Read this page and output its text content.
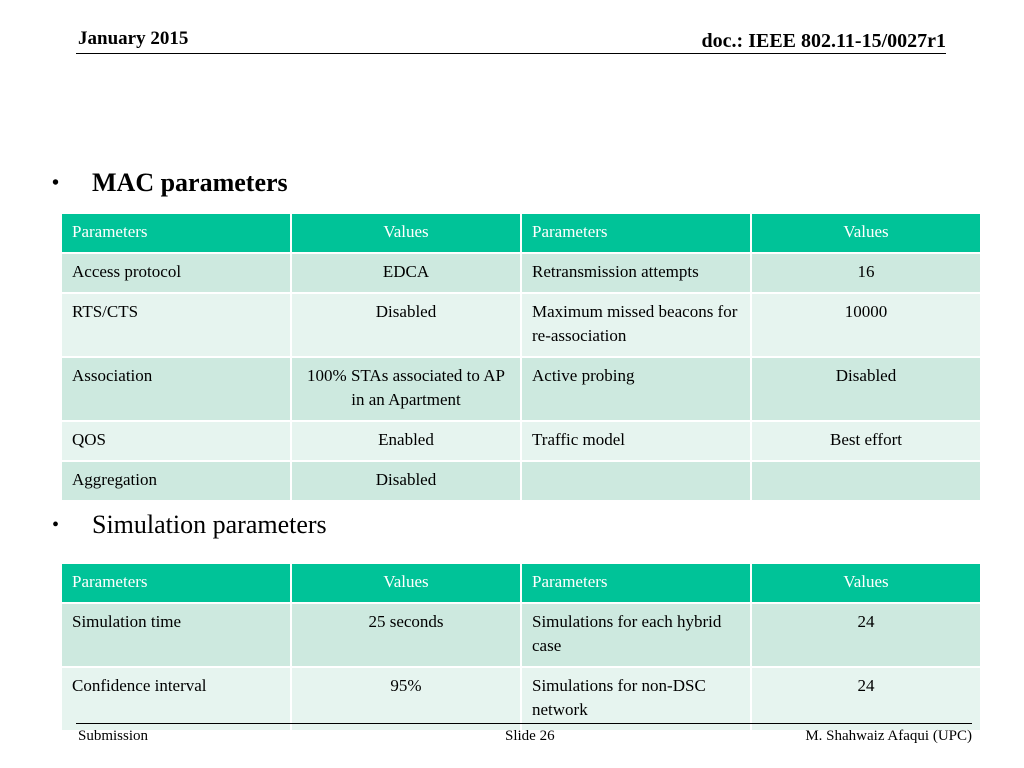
January 2015	doc.: IEEE 802.11-15/0027r1
•	MAC parameters
Parameters	Values	Parameters	Values
Access protocol	EDCA	Retransmission attempts	16
RTS/CTS	Disabled	Maximum missed beacons for re-association	10000
Association	100% STAs associated to AP in an Apartment	Active probing	Disabled
QOS	Enabled	Traffic model	Best effort
Aggregation	Disabled		
•	Simulation parameters
Parameters	Values	Parameters	Values
Simulation time	25 seconds	Simulations for each hybrid case	24
Confidence interval	95%	Simulations for non-DSC network	24
Submission	Slide 26	M. Shahwaiz Afaqui (UPC)
